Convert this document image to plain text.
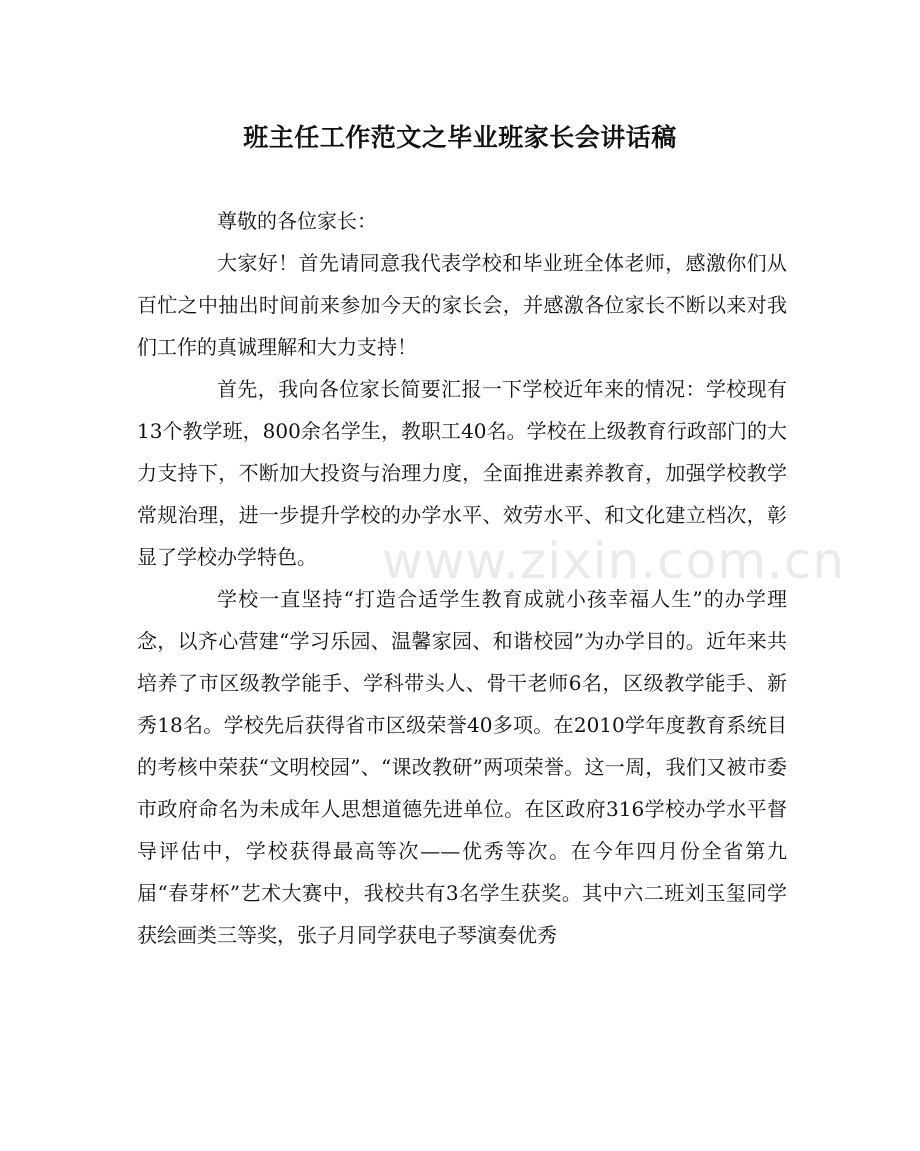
班主任工作范文之毕业班家长会讲话稿

尊敬的各位家长：

大家好！首先请同意我代表学校和毕业班全体老师，感激你们从百忙之中抽出时间前来参加今天的家长会，并感激各位家长不断以来对我们工作的真诚理解和大力支持！

首先，我向各位家长简要汇报一下学校近年来的情况：学校现有13个教学班，800余名学生，教职工40名。学校在上级教育行政部门的大力支持下，不断加大投资与治理力度，全面推进素养教育，加强学校教学常规治理，进一步提升学校的办学水平、效劳水平、和文化建立档次，彰显了学校办学特色。

学校一直坚持“打造合适学生教育成就小孩幸福人生”的办学理念，以齐心营建“学习乐园、温馨家园、和谐校园”为办学目的。近年来共培养了市区级教学能手、学科带头人、骨干老师6名，区级教学能手、新秀18名。学校先后获得省市区级荣誉40多项。在2010学年度教育系统目的考核中荣获“文明校园”、“课改教研”两项荣誉。这一周，我们又被市委市政府命名为未成年人思想道德先进单位。在区政府316学校办学水平督导评估中，学校获得最高等次——优秀等次。在今年四月份全省第九届“春芽杯”艺术大赛中，我校共有3名学生获奖。其中六二班刘玉玺同学获绘画类三等奖，张子月同学获电子琴演奏优秀

www.zixin.com.cn
